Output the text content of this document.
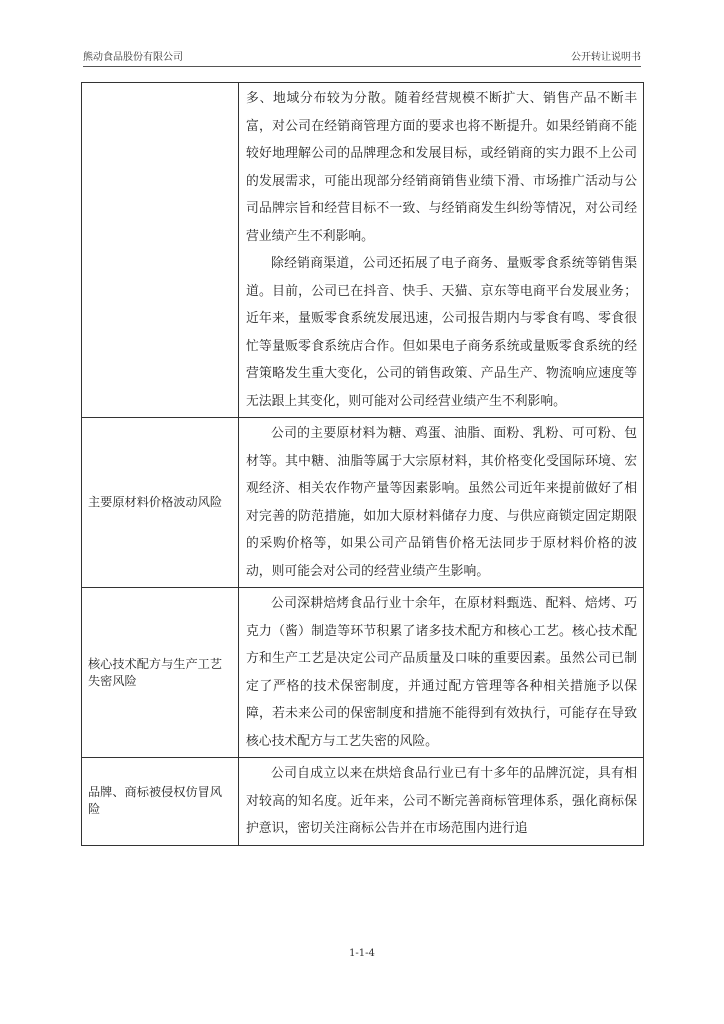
熊动食品股份有限公司	公开转让说明书

	多、地域分布较为分散。随着经营规模不断扩大、销售产品不断丰富，对公司在经销商管理方面的要求也将不断提升。如果经销商不能较好地理解公司的品牌理念和发展目标，或经销商的实力跟不上公司的发展需求，可能出现部分经销商销售业绩下滑、市场推广活动与公司品牌宗旨和经营目标不一致、与经销商发生纠纷等情况，对公司经营业绩产生不利影响。

除经销商渠道，公司还拓展了电子商务、量贩零食系统等销售渠道。目前，公司已在抖音、快手、天猫、京东等电商平台发展业务；近年来，量贩零食系统发展迅速，公司报告期内与零食有鸣、零食很忙等量贩零食系统店合作。但如果电子商务系统或量贩零食系统的经营策略发生重大变化，公司的销售政策、产品生产、物流响应速度等无法跟上其变化，则可能对公司经营业绩产生不利影响。

主要原材料价格波动风险	公司的主要原材料为糖、鸡蛋、油脂、面粉、乳粉、可可粉、包材等。其中糖、油脂等属于大宗原材料，其价格变化受国际环境、宏观经济、相关农作物产量等因素影响。虽然公司近年来提前做好了相对完善的防范措施，如加大原材料储存力度、与供应商锁定固定期限的采购价格等，如果公司产品销售价格无法同步于原材料价格的波动，则可能会对公司的经营业绩产生影响。

核心技术配方与生产工艺失密风险	公司深耕焙烤食品行业十余年，在原材料甄选、配料、焙烤、巧克力（酱）制造等环节积累了诸多技术配方和核心工艺。核心技术配方和生产工艺是决定公司产品质量及口味的重要因素。虽然公司已制定了严格的技术保密制度，并通过配方管理等各种相关措施予以保障，若未来公司的保密制度和措施不能得到有效执行，可能存在导致核心技术配方与工艺失密的风险。

品牌、商标被侵权仿冒风险	公司自成立以来在烘焙食品行业已有十多年的品牌沉淀，具有相对较高的知名度。近年来，公司不断完善商标管理体系，强化商标保护意识，密切关注商标公告并在市场范围内进行追

1-1-4
